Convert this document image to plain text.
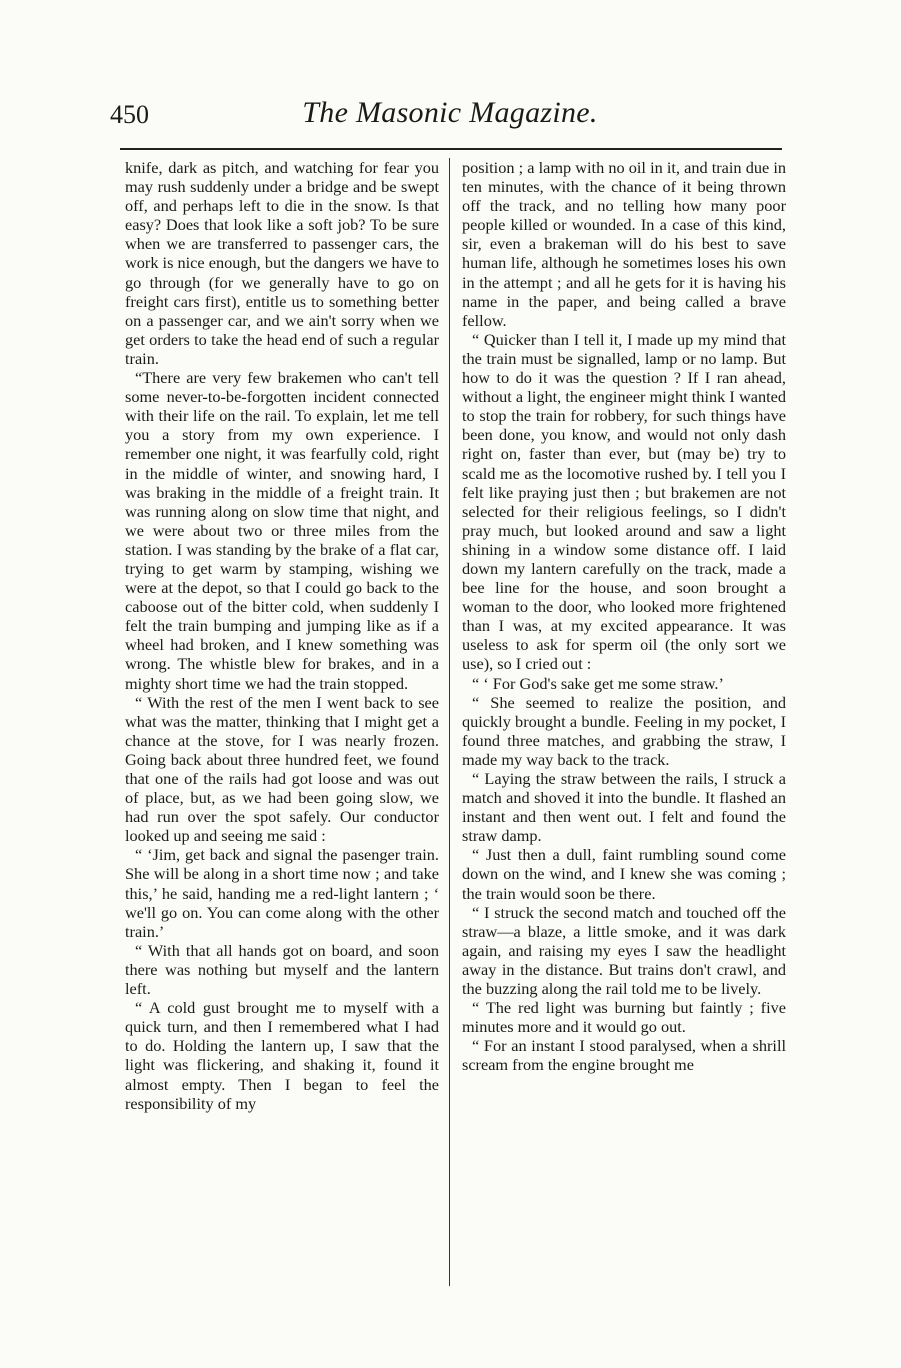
450	The Masonic Magazine.

knife, dark as pitch, and watching for fear you may rush suddenly under a bridge and be swept off, and perhaps left to die in the snow. Is that easy? Does that look like a soft job? To be sure when we are transferred to passenger cars, the work is nice enough, but the dangers we have to go through (for we generally have to go on freight cars first), entitle us to something better on a passenger car, and we ain't sorry when we get orders to take the head end of such a regular train.

“There are very few brakemen who can't tell some never-to-be-forgotten incident connected with their life on the rail. To explain, let me tell you a story from my own experience. I remember one night, it was fearfully cold, right in the middle of winter, and snowing hard, I was braking in the middle of a freight train. It was running along on slow time that night, and we were about two or three miles from the station. I was standing by the brake of a flat car, trying to get warm by stamping, wishing we were at the depot, so that I could go back to the caboose out of the bitter cold, when suddenly I felt the train bumping and jumping like as if a wheel had broken, and I knew something was wrong. The whistle blew for brakes, and in a mighty short time we had the train stopped.

“ With the rest of the men I went back to see what was the matter, thinking that I might get a chance at the stove, for I was nearly frozen. Going back about three hundred feet, we found that one of the rails had got loose and was out of place, but, as we had been going slow, we had run over the spot safely. Our conductor looked up and seeing me said :

“ ‘Jim, get back and signal the pasenger train. She will be along in a short time now ; and take this,’ he said, handing me a red-light lantern ; ‘ we'll go on. You can come along with the other train.’

“ With that all hands got on board, and soon there was nothing but myself and the lantern left.

“ A cold gust brought me to myself with a quick turn, and then I remembered what I had to do. Holding the lantern up, I saw that the light was flickering, and shaking it, found it almost empty. Then I began to feel the responsibility of my

position ; a lamp with no oil in it, and train due in ten minutes, with the chance of it being thrown off the track, and no telling how many poor people killed or wounded. In a case of this kind, sir, even a brakeman will do his best to save human life, although he sometimes loses his own in the attempt ; and all he gets for it is having his name in the paper, and being called a brave fellow.

“ Quicker than I tell it, I made up my mind that the train must be signalled, lamp or no lamp. But how to do it was the question ? If I ran ahead, without a light, the engineer might think I wanted to stop the train for robbery, for such things have been done, you know, and would not only dash right on, faster than ever, but (may be) try to scald me as the locomotive rushed by. I tell you I felt like praying just then ; but brakemen are not selected for their religious feelings, so I didn't pray much, but looked around and saw a light shining in a window some distance off. I laid down my lantern carefully on the track, made a bee line for the house, and soon brought a woman to the door, who looked more frightened than I was, at my excited appearance. It was useless to ask for sperm oil (the only sort we use), so I cried out :

“ ‘ For God's sake get me some straw.’

“ She seemed to realize the position, and quickly brought a bundle. Feeling in my pocket, I found three matches, and grabbing the straw, I made my way back to the track.

“ Laying the straw between the rails, I struck a match and shoved it into the bundle. It flashed an instant and then went out. I felt and found the straw damp.

“ Just then a dull, faint rumbling sound come down on the wind, and I knew she was coming ; the train would soon be there.

“ I struck the second match and touched off the straw—a blaze, a little smoke, and it was dark again, and raising my eyes I saw the headlight away in the distance. But trains don't crawl, and the buzzing along the rail told me to be lively.

“ The red light was burning but faintly ; five minutes more and it would go out.

“ For an instant I stood paralysed, when a shrill scream from the engine brought me
